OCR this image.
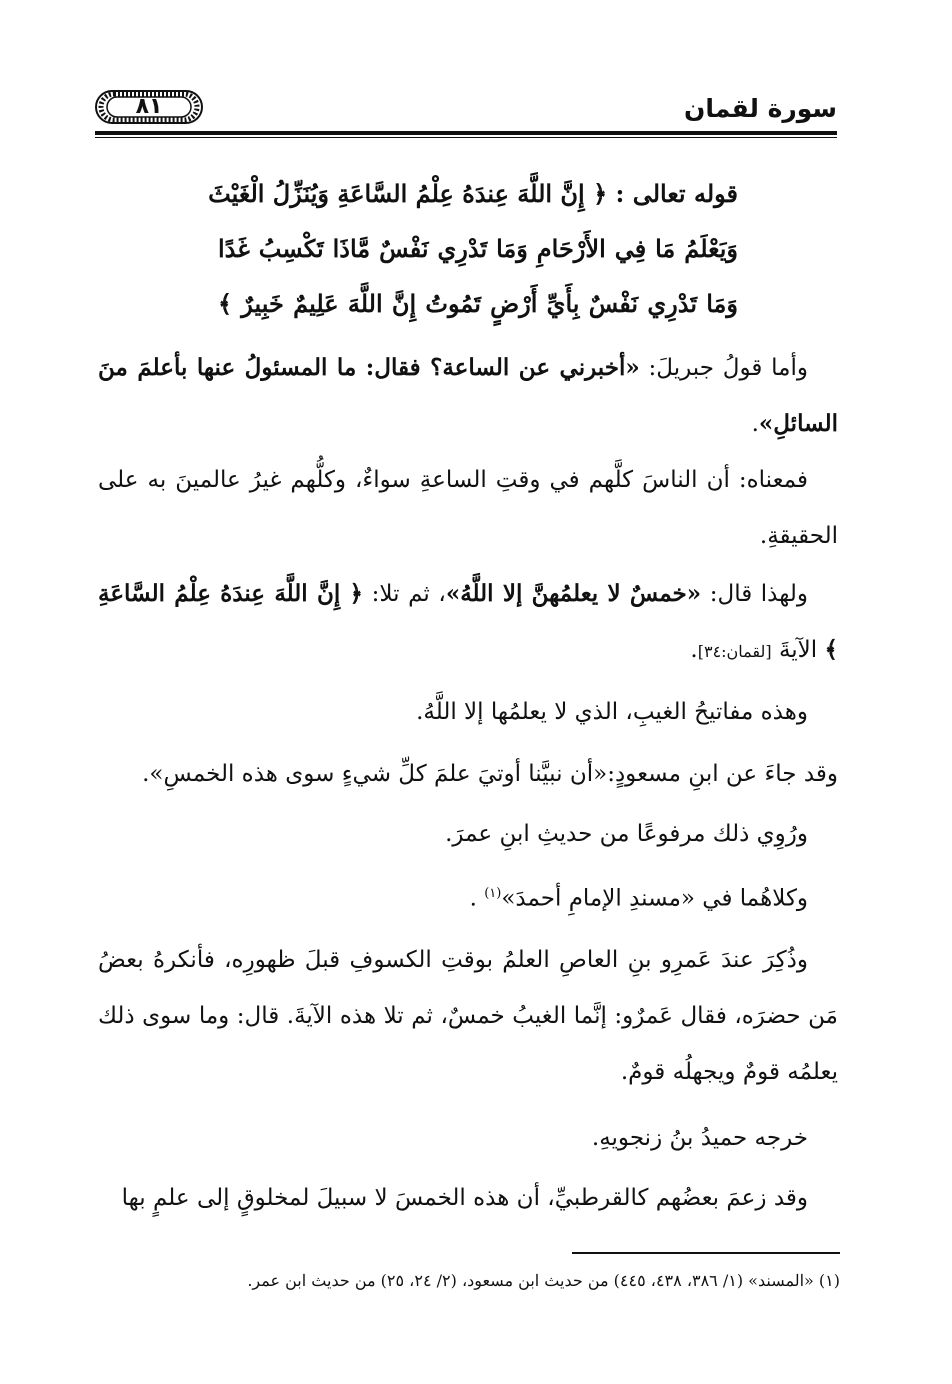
سورة لقمان
٨١
قوله تعالى : ﴿ إِنَّ اللَّهَ عِندَهُ عِلْمُ السَّاعَةِ وَيُنَزِّلُ الْغَيْثَ
وَيَعْلَمُ مَا فِي الأَرْحَامِ وَمَا تَدْرِي نَفْسٌ مَّاذَا تَكْسِبُ غَدًا
وَمَا تَدْرِي نَفْسٌ بِأَيِّ أَرْضٍ تَمُوتُ إِنَّ اللَّهَ عَلِيمٌ خَبِيرٌ ﴾
وأما قولُ جبريلَ: «أخبرني عن الساعة؟ فقال: ما المسئولُ عنها بأعلمَ منَ السائلِ».
فمعناه: أن الناسَ كلَّهم في وقتِ الساعةِ سواءٌ، وكلُّهم غيرُ عالمينَ به على الحقيقةِ.
ولهذا قال: «خمسٌ لا يعلمُهنَّ إلا اللَّهُ»، ثم تلا: ﴿ إِنَّ اللَّهَ عِندَهُ عِلْمُ السَّاعَةِ ﴾ الآيةَ [لقمان:٣٤].
وهذه مفاتيحُ الغيبِ، الذي لا يعلمُها إلا اللَّهُ.
وقد جاءَ عن ابنِ مسعودٍ:«أن نبيَّنا أوتيَ علمَ كلِّ شيءٍ سوى هذه الخمسِ».
ورُوِي ذلك مرفوعًا من حديثِ ابنِ عمرَ.
وكلاهُما في «مسندِ الإمامِ أحمدَ»$^{(١)}$ .
وذُكِرَ عندَ عَمرِو بنِ العاصِ العلمُ بوقتِ الكسوفِ قبلَ ظهورِه، فأنكرهُ بعضُ مَن حضرَه، فقال عَمرٌو: إنَّما الغيبُ خمسٌ، ثم تلا هذه الآيةَ. قال: وما سوى ذلك يعلمُه قومٌ ويجهلُه قومٌ.
خرجه حميدُ بنُ زنجويهِ.
وقد زعمَ بعضُهم كالقرطبيِّ، أن هذه الخمسَ لا سبيلَ لمخلوقٍ إلى علمٍ بها
(١) «المسند» (١/ ٣٨٦، ٤٣٨، ٤٤٥) من حديث ابن مسعود، (٢/ ٢٤، ٢٥) من حديث ابن عمر.
